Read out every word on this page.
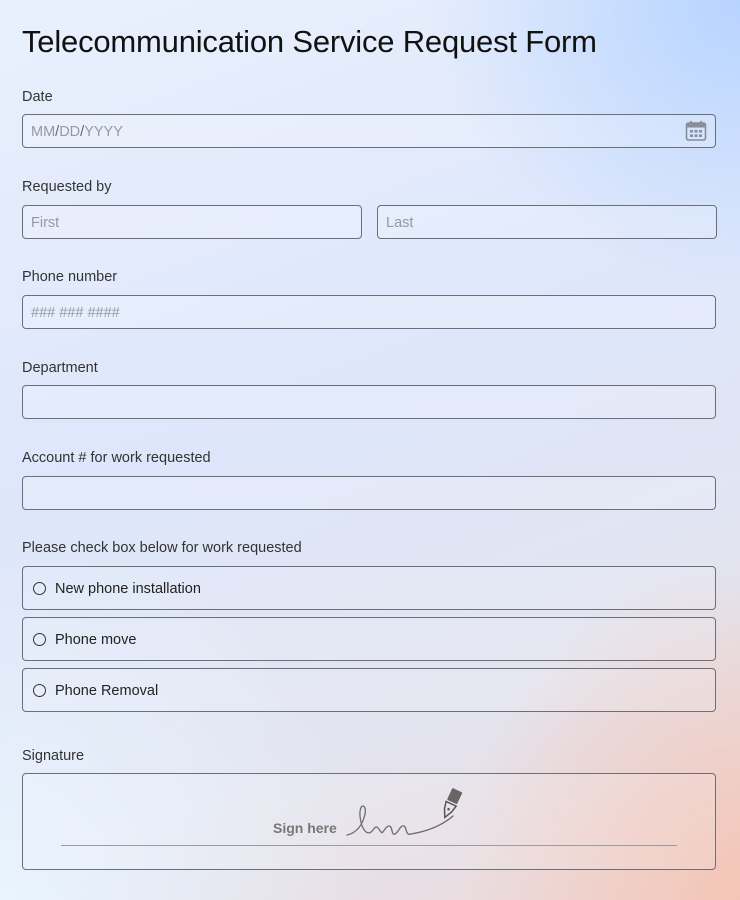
Telecommunication Service Request Form
Date
MM/DD/YYYY
Requested by
First	Last
Phone number
### ### ####
Department
Account # for work requested
Please check box below for work requested
New phone installation
Phone move
Phone Removal
Signature
Sign here
